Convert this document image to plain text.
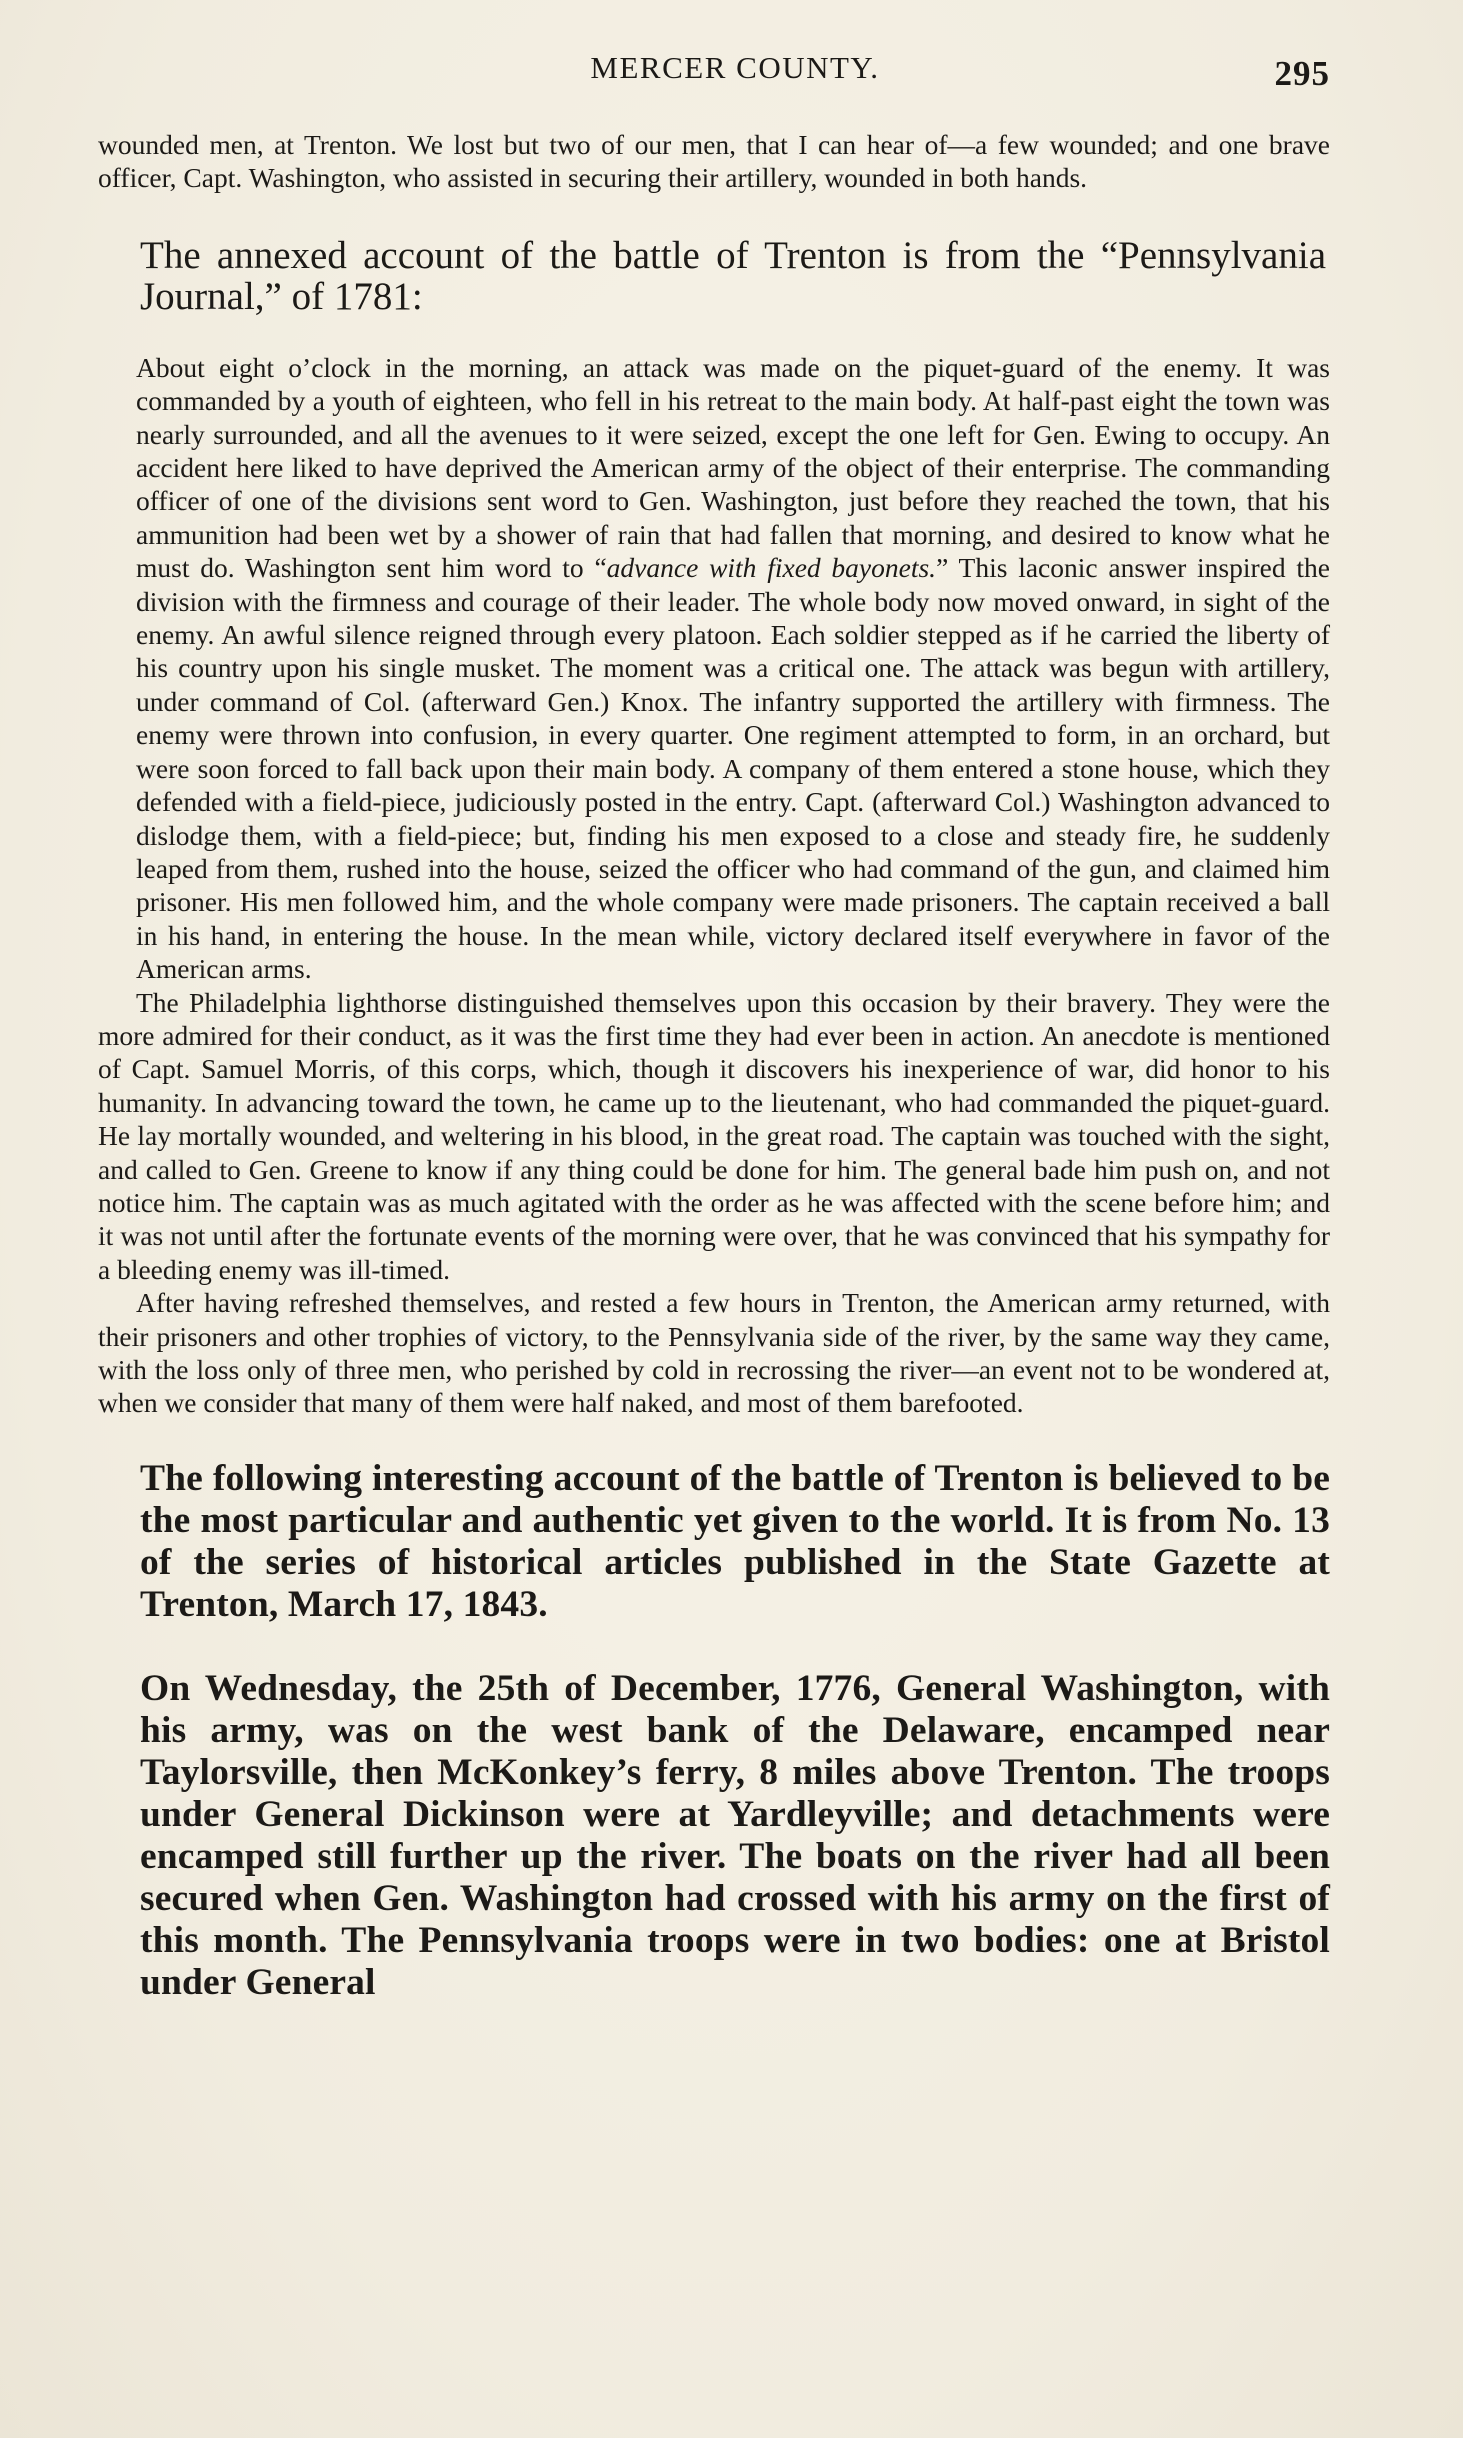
MERCER COUNTY.	295

wounded men, at Trenton. We lost but two of our men, that I can hear of—a few wounded; and one brave officer, Capt. Washington, who assisted in securing their artillery, wounded in both hands.

The annexed account of the battle of Trenton is from the “Pennsylvania Journal,” of 1781:

About eight o’clock in the morning, an attack was made on the piquet-guard of the enemy. It was commanded by a youth of eighteen, who fell in his retreat to the main body. At half-past eight the town was nearly surrounded, and all the avenues to it were seized, except the one left for Gen. Ewing to occupy. An accident here liked to have deprived the American army of the object of their enterprise. The commanding officer of one of the divisions sent word to Gen. Washington, just before they reached the town, that his ammunition had been wet by a shower of rain that had fallen that morning, and desired to know what he must do. Washington sent him word to “advance with fixed bayonets.” This laconic answer inspired the division with the firmness and courage of their leader. The whole body now moved onward, in sight of the enemy. An awful silence reigned through every platoon. Each soldier stepped as if he carried the liberty of his country upon his single musket. The moment was a critical one. The attack was begun with artillery, under command of Col. (afterward Gen.) Knox. The infantry supported the artillery with firmness. The enemy were thrown into confusion, in every quarter. One regiment attempted to form, in an orchard, but were soon forced to fall back upon their main body. A company of them entered a stone house, which they defended with a field-piece, judiciously posted in the entry. Capt. (afterward Col.) Washington advanced to dislodge them, with a field-piece; but, finding his men exposed to a close and steady fire, he suddenly leaped from them, rushed into the house, seized the officer who had command of the gun, and claimed him prisoner. His men followed him, and the whole company were made prisoners. The captain received a ball in his hand, in entering the house. In the mean while, victory declared itself everywhere in favor of the American arms.

The Philadelphia lighthorse distinguished themselves upon this occasion by their bravery. They were the more admired for their conduct, as it was the first time they had ever been in action. An anecdote is mentioned of Capt. Samuel Morris, of this corps, which, though it discovers his inexperience of war, did honor to his humanity. In advancing toward the town, he came up to the lieutenant, who had commanded the piquet-guard. He lay mortally wounded, and weltering in his blood, in the great road. The captain was touched with the sight, and called to Gen. Greene to know if any thing could be done for him. The general bade him push on, and not notice him. The captain was as much agitated with the order as he was affected with the scene before him; and it was not until after the fortunate events of the morning were over, that he was convinced that his sympathy for a bleeding enemy was ill-timed.

After having refreshed themselves, and rested a few hours in Trenton, the American army returned, with their prisoners and other trophies of victory, to the Pennsylvania side of the river, by the same way they came, with the loss only of three men, who perished by cold in recrossing the river—an event not to be wondered at, when we consider that many of them were half naked, and most of them barefooted.

The following interesting account of the battle of Trenton is believed to be the most particular and authentic yet given to the world. It is from No. 13 of the series of historical articles published in the State Gazette at Trenton, March 17, 1843.

On Wednesday, the 25th of December, 1776, General Washington, with his army, was on the west bank of the Delaware, encamped near Taylorsville, then McKonkey’s ferry, 8 miles above Trenton. The troops under General Dickinson were at Yardleyville; and detachments were encamped still further up the river. The boats on the river had all been secured when Gen. Washington had crossed with his army on the first of this month. The Pennsylvania troops were in two bodies: one at Bristol under General
